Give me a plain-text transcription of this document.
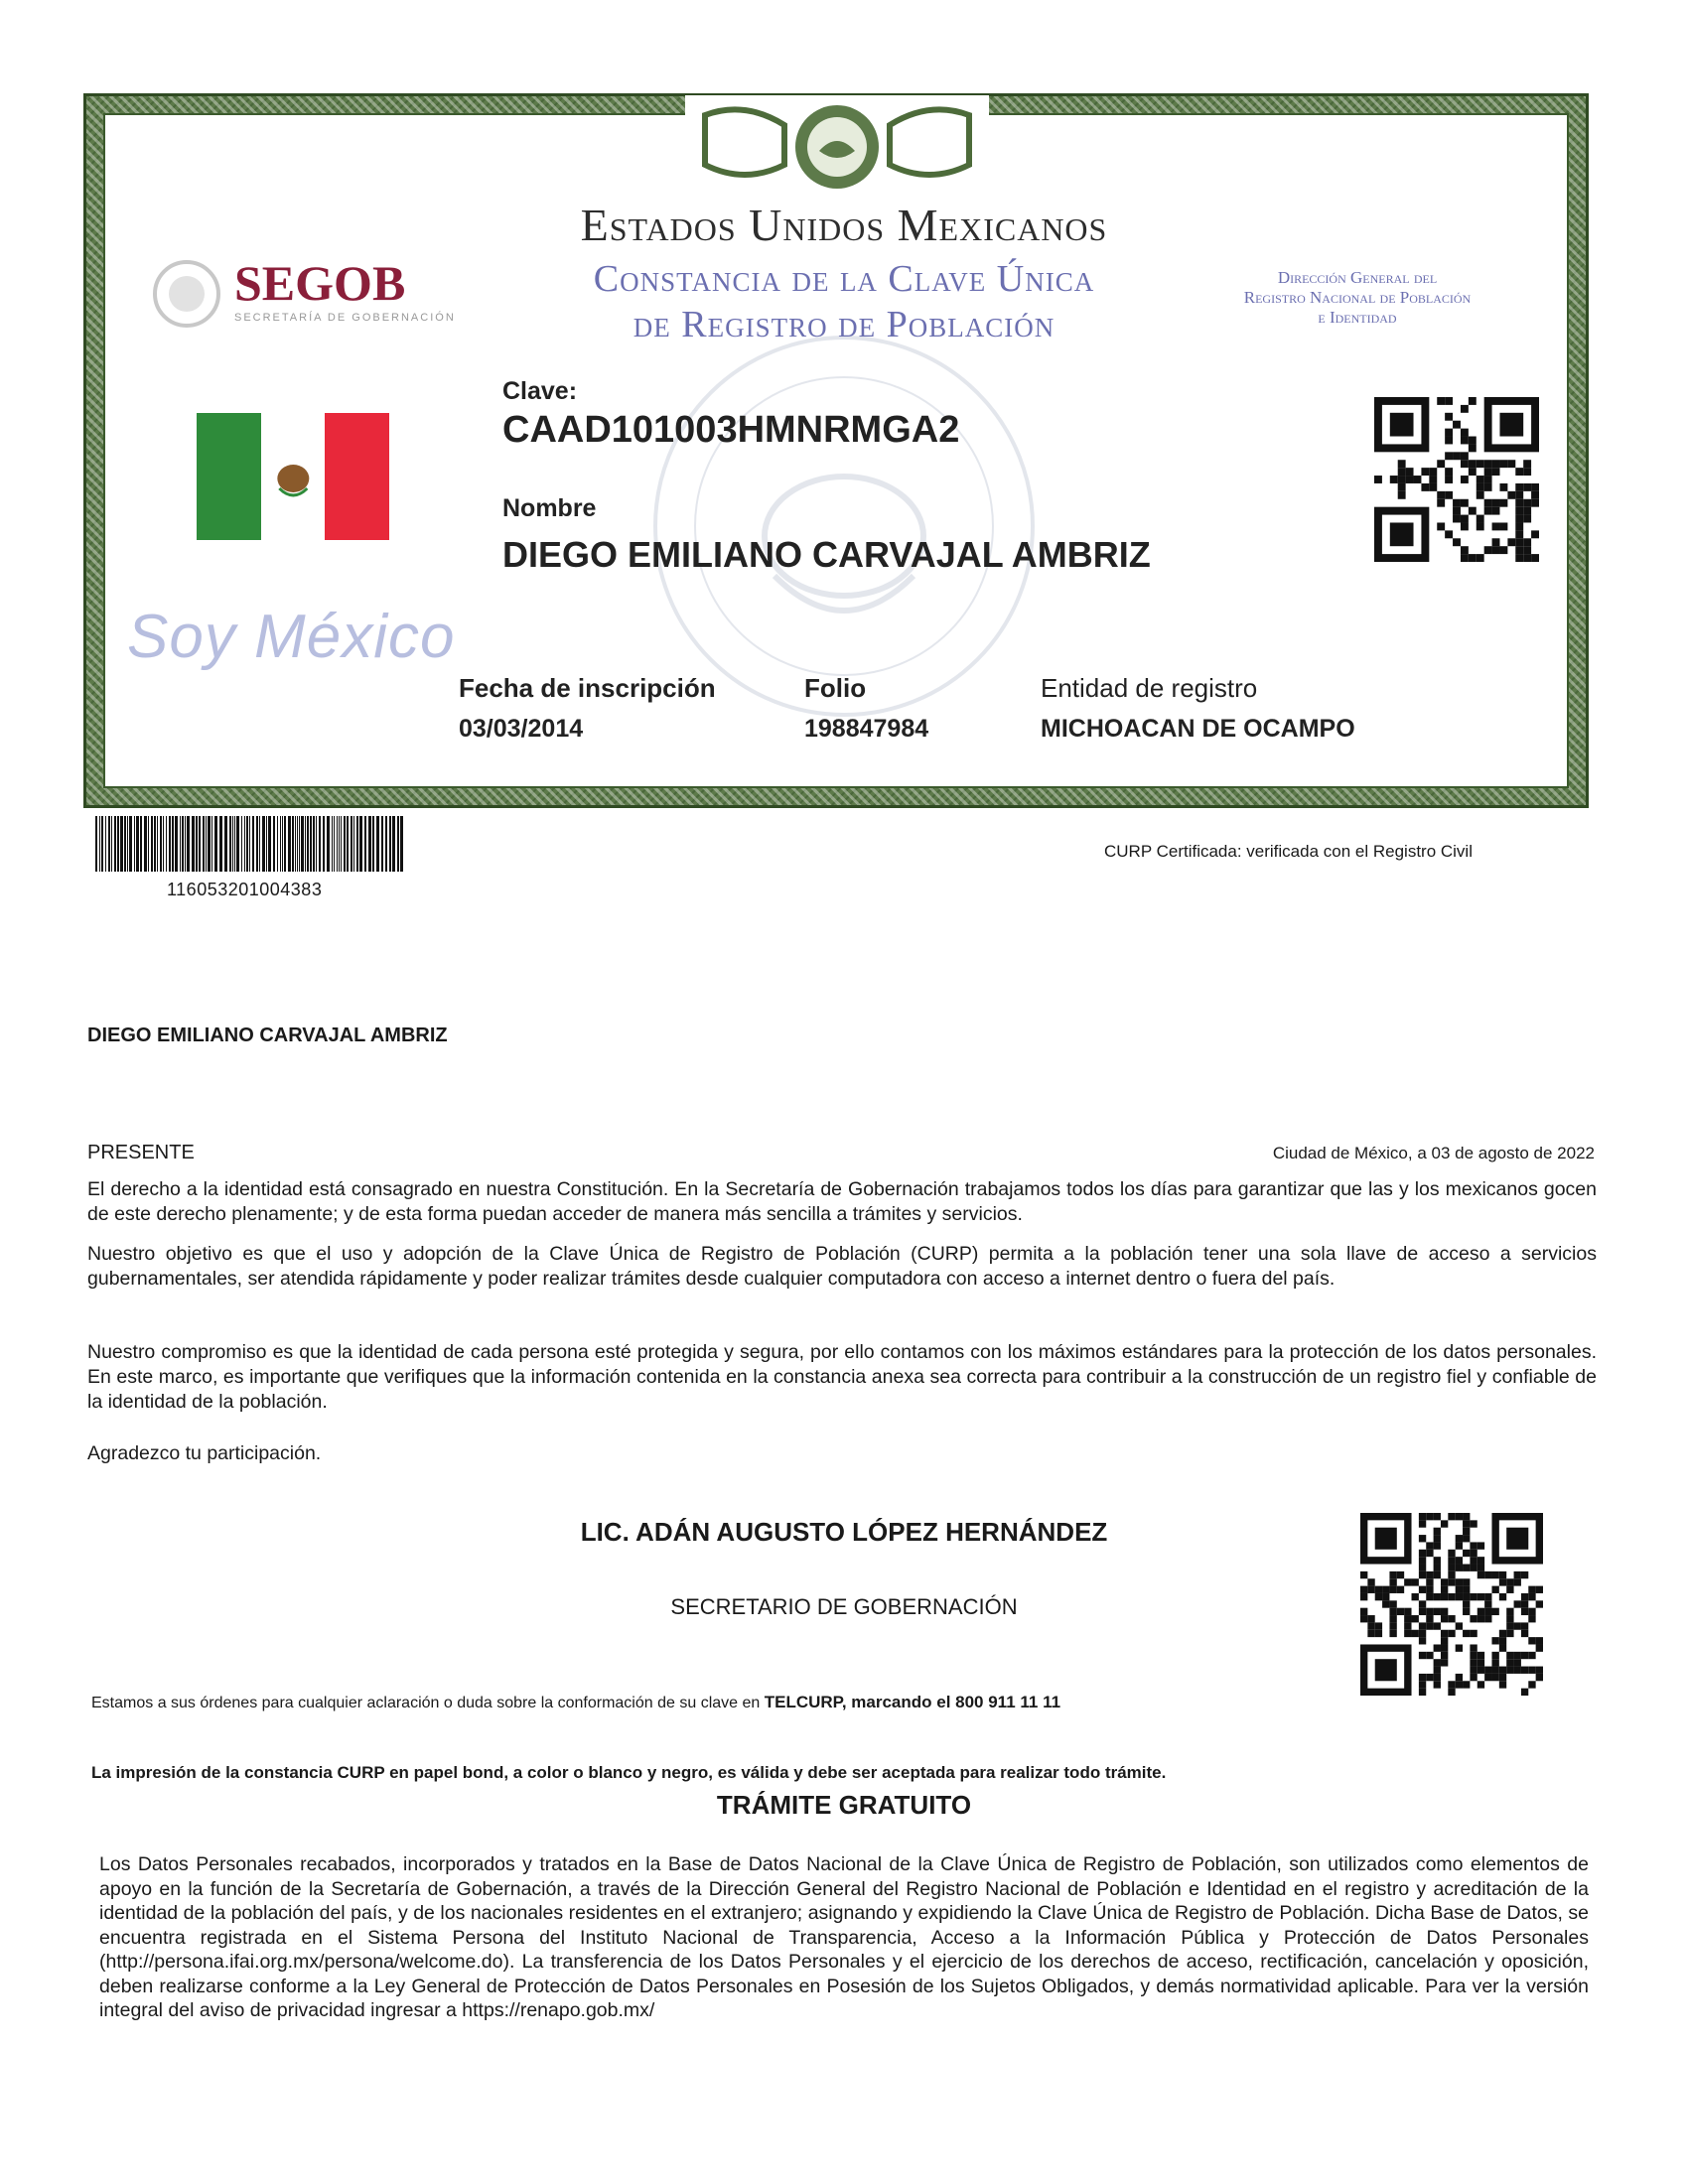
Estados Unidos Mexicanos
Constancia de la Clave Única
de Registro de Población
SEGOB
SECRETARÍA DE GOBERNACIÓN
Dirección General del
Registro Nacional de Población
e Identidad
Soy México
Clave:
CAAD101003HMNRMGA2
Nombre
DIEGO EMILIANO CARVAJAL AMBRIZ
Fecha de inscripción
03/03/2014
Folio
198847984
Entidad de registro
MICHOACAN DE OCAMPO
116053201004383
CURP Certificada: verificada con el Registro Civil
DIEGO EMILIANO CARVAJAL AMBRIZ
PRESENTE	Ciudad de México, a 03 de agosto de 2022
El derecho a la identidad está consagrado en nuestra Constitución. En la Secretaría de Gobernación trabajamos todos los días para garantizar que las y los mexicanos gocen de este derecho plenamente; y de esta forma puedan acceder de manera más sencilla a trámites y servicios.
Nuestro objetivo es que el uso y adopción de la Clave Única de Registro de Población (CURP) permita a la población tener una sola llave de acceso a servicios gubernamentales, ser atendida rápidamente y poder realizar trámites desde cualquier computadora con acceso a internet dentro o fuera del país.
Nuestro compromiso es que la identidad de cada persona esté protegida y segura, por ello contamos con los máximos estándares para la protección de los datos personales. En este marco, es importante que verifiques que la información contenida en la constancia anexa sea correcta para contribuir a la construcción de un registro fiel y confiable de la identidad de la población.
Agradezco tu participación.
LIC. ADÁN AUGUSTO LÓPEZ HERNÁNDEZ
SECRETARIO DE GOBERNACIÓN
Estamos a sus órdenes para cualquier aclaración o duda sobre la conformación de su clave en TELCURP, marcando el 800 911 11 11
La impresión de la constancia CURP en papel bond, a color o blanco y negro, es válida y debe ser aceptada para realizar todo trámite.
TRÁMITE GRATUITO
Los Datos Personales recabados, incorporados y tratados en la Base de Datos Nacional de la Clave Única de Registro de Población, son utilizados como elementos de apoyo en la función de la Secretaría de Gobernación, a través de la Dirección General del Registro Nacional de Población e Identidad en el registro y acreditación de la identidad de la población del país, y de los nacionales residentes en el extranjero; asignando y expidiendo la Clave Única de Registro de Población. Dicha Base de Datos, se encuentra registrada en el Sistema Persona del Instituto Nacional de Transparencia, Acceso a la Información Pública y Protección de Datos Personales (http://persona.ifai.org.mx/persona/welcome.do). La transferencia de los Datos Personales y el ejercicio de los derechos de acceso, rectificación, cancelación y oposición, deben realizarse conforme a la Ley General de Protección de Datos Personales en Posesión de los Sujetos Obligados, y demás normatividad aplicable. Para ver la versión integral del aviso de privacidad ingresar a https://renapo.gob.mx/
